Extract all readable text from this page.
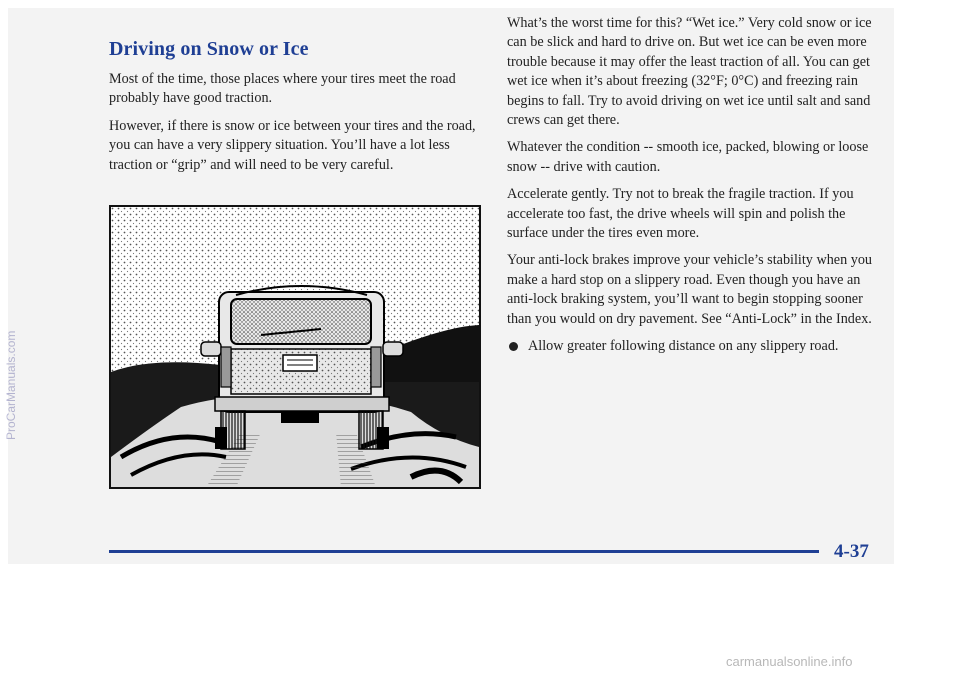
Driving on Snow or Ice

Most of the time, those places where your tires meet the road probably have good traction.

However, if there is snow or ice between your tires and the road, you can have a very slippery situation. You’ll have a lot less traction or “grip” and will need to be very careful.

What’s the worst time for this? “Wet ice.” Very cold snow or ice can be slick and hard to drive on. But wet ice can be even more trouble because it may offer the least traction of all. You can get wet ice when it’s about freezing (32°F; 0°C) and freezing rain begins to fall. Try to avoid driving on wet ice until salt and sand crews can get there.

Whatever the condition -- smooth ice, packed, blowing or loose snow -- drive with caution.

Accelerate gently. Try not to break the fragile traction. If you accelerate too fast, the drive wheels will spin and polish the surface under the tires even more.

Your anti-lock brakes improve your vehicle’s stability when you make a hard stop on a slippery road. Even though you have an anti-lock braking system, you’ll want to begin stopping sooner than you would on dry pavement. See “Anti-Lock” in the Index.

Allow greater following distance on any slippery road.

4-37
ProCarManuals.com
carmanualsonline.info
